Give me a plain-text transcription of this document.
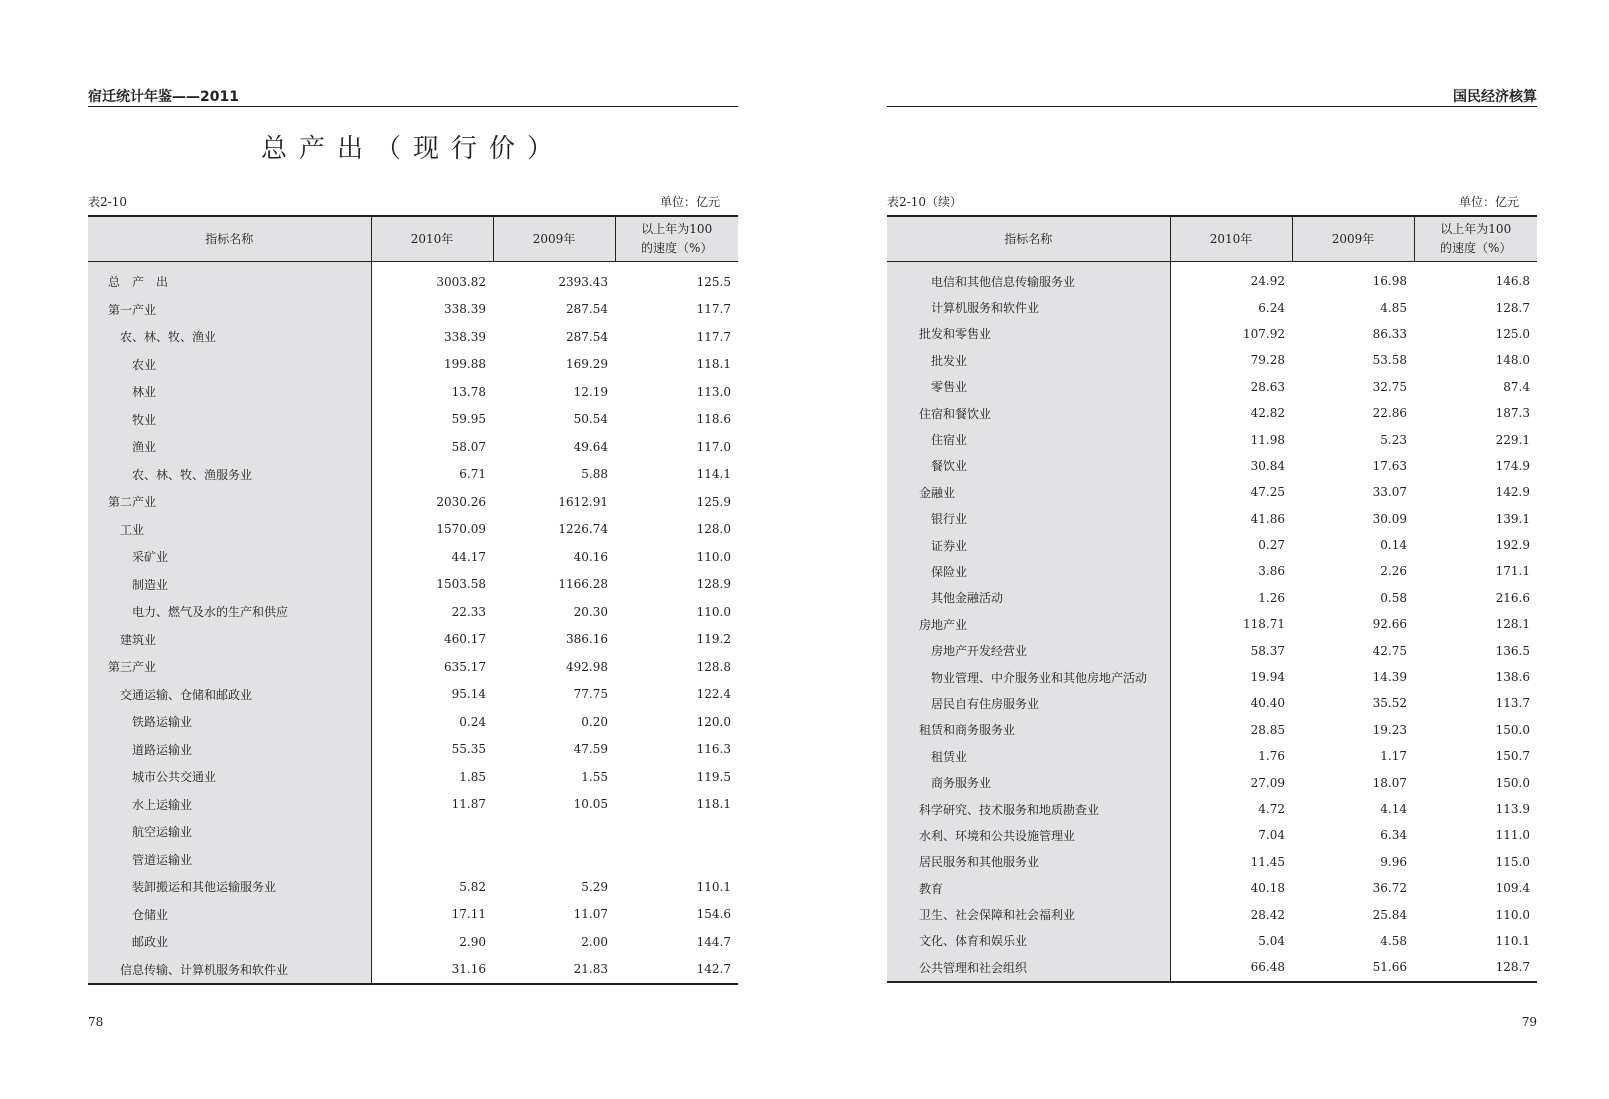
宿迁统计年鉴——2011
总产出（现行价）
表2-10	单位：亿元
指标名称	2010年	2009年	以上年为100
的速度（%）
总　产　出	3003.82	2393.43	125.5
第一产业	338.39	287.54	117.7
农、林、牧、渔业	338.39	287.54	117.7
农业	199.88	169.29	118.1
林业	13.78	12.19	113.0
牧业	59.95	50.54	118.6
渔业	58.07	49.64	117.0
农、林、牧、渔服务业	6.71	5.88	114.1
第二产业	2030.26	1612.91	125.9
工业	1570.09	1226.74	128.0
采矿业	44.17	40.16	110.0
制造业	1503.58	1166.28	128.9
电力、燃气及水的生产和供应	22.33	20.30	110.0
建筑业	460.17	386.16	119.2
第三产业	635.17	492.98	128.8
交通运输、仓储和邮政业	95.14	77.75	122.4
铁路运输业	0.24	0.20	120.0
道路运输业	55.35	47.59	116.3
城市公共交通业	1.85	1.55	119.5
水上运输业	11.87	10.05	118.1
航空运输业			
管道运输业			
装卸搬运和其他运输服务业	5.82	5.29	110.1
仓储业	17.11	11.07	154.6
邮政业	2.90	2.00	144.7
信息传输、计算机服务和软件业	31.16	21.83	142.7
78
国民经济核算
表2-10（续）	单位：亿元
指标名称	2010年	2009年	以上年为100
的速度（%）
电信和其他信息传输服务业	24.92	16.98	146.8
计算机服务和软件业	6.24	4.85	128.7
批发和零售业	107.92	86.33	125.0
批发业	79.28	53.58	148.0
零售业	28.63	32.75	87.4
住宿和餐饮业	42.82	22.86	187.3
住宿业	11.98	5.23	229.1
餐饮业	30.84	17.63	174.9
金融业	47.25	33.07	142.9
银行业	41.86	30.09	139.1
证券业	0.27	0.14	192.9
保险业	3.86	2.26	171.1
其他金融活动	1.26	0.58	216.6
房地产业	118.71	92.66	128.1
房地产开发经营业	58.37	42.75	136.5
物业管理、中介服务业和其他房地产活动	19.94	14.39	138.6
居民自有住房服务业	40.40	35.52	113.7
租赁和商务服务业	28.85	19.23	150.0
租赁业	1.76	1.17	150.7
商务服务业	27.09	18.07	150.0
科学研究、技术服务和地质勘查业	4.72	4.14	113.9
水利、环境和公共设施管理业	7.04	6.34	111.0
居民服务和其他服务业	11.45	9.96	115.0
教育	40.18	36.72	109.4
卫生、社会保障和社会福利业	28.42	25.84	110.0
文化、体育和娱乐业	5.04	4.58	110.1
公共管理和社会组织	66.48	51.66	128.7
79
